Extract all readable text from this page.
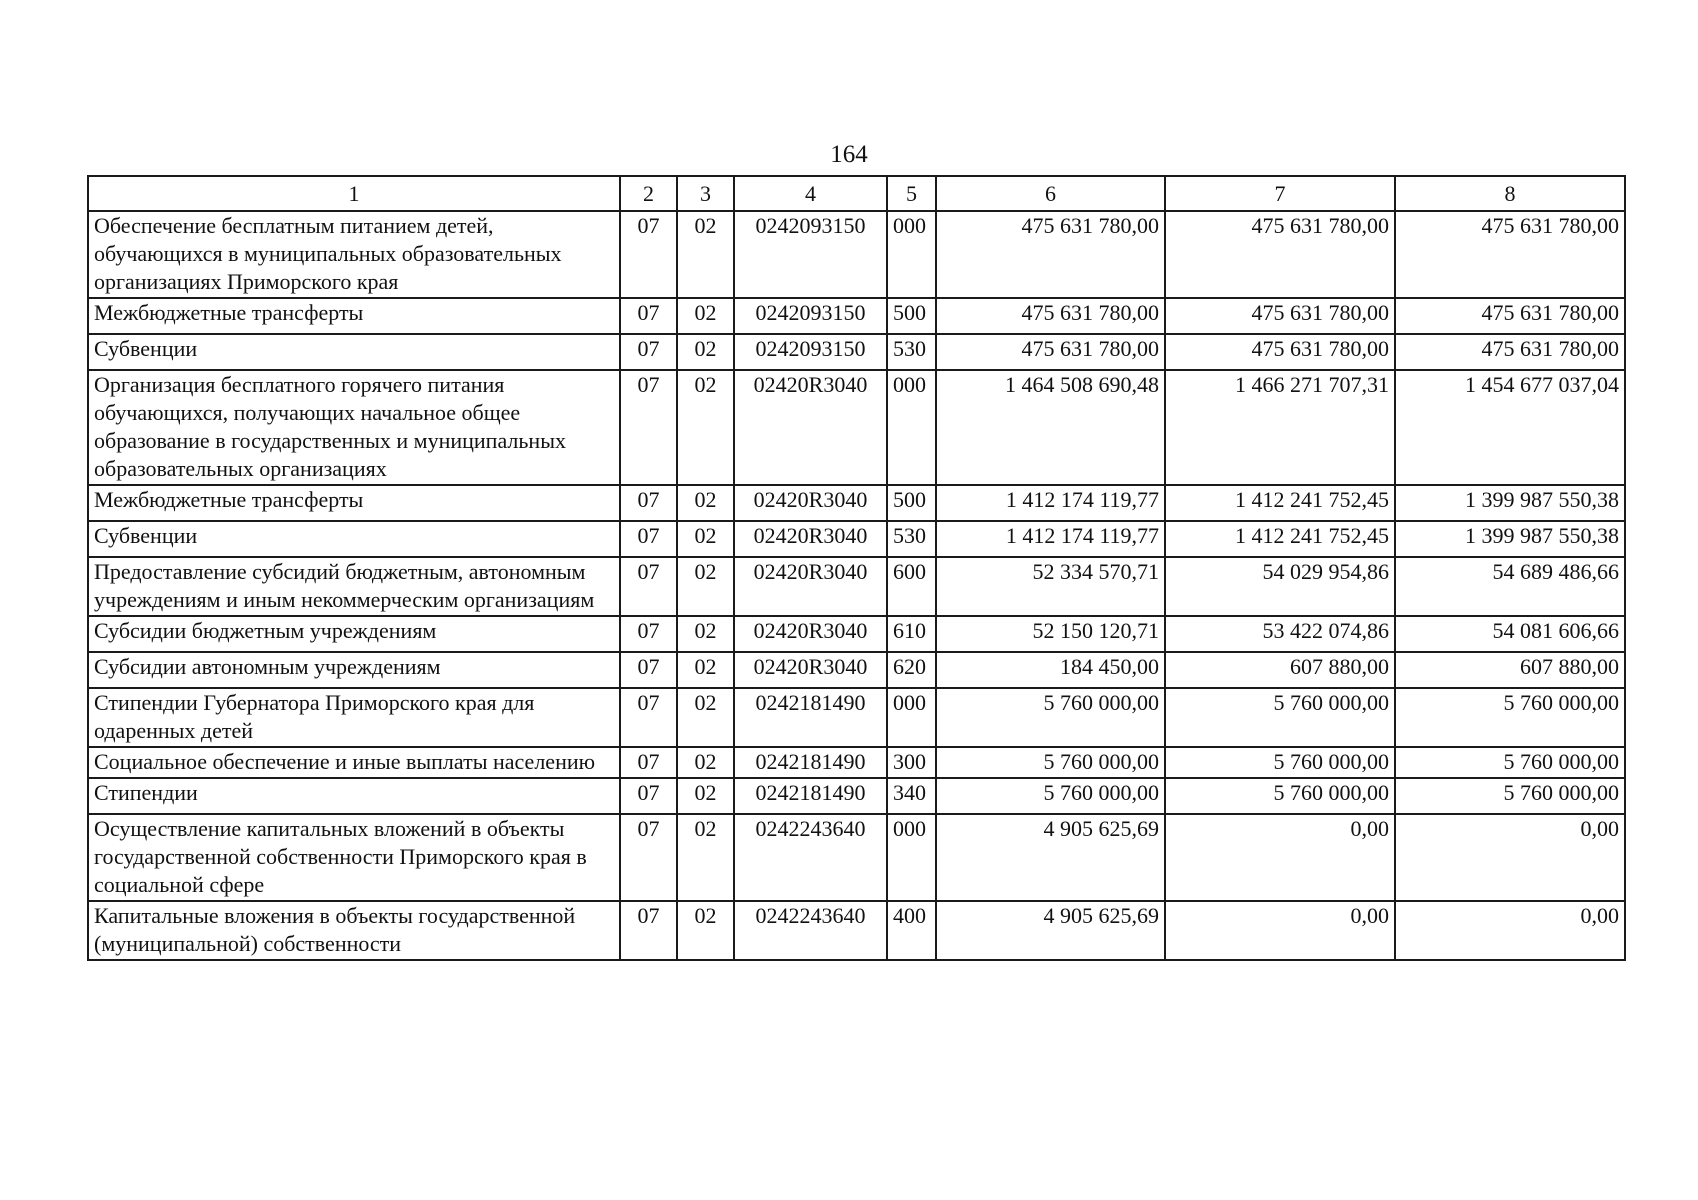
164
1	2	3	4	5	6	7	8
Обеспечение бесплатным питанием детей, обучающихся в муниципальных образовательных организациях Приморского края	07	02	0242093150	000	475 631 780,00	475 631 780,00	475 631 780,00
Межбюджетные трансферты	07	02	0242093150	500	475 631 780,00	475 631 780,00	475 631 780,00
Субвенции	07	02	0242093150	530	475 631 780,00	475 631 780,00	475 631 780,00
Организация бесплатного горячего питания обучающихся, получающих начальное общее образование в государственных и муниципальных образовательных организациях	07	02	02420R3040	000	1 464 508 690,48	1 466 271 707,31	1 454 677 037,04
Межбюджетные трансферты	07	02	02420R3040	500	1 412 174 119,77	1 412 241 752,45	1 399 987 550,38
Субвенции	07	02	02420R3040	530	1 412 174 119,77	1 412 241 752,45	1 399 987 550,38
Предоставление субсидий бюджетным, автономным учреждениям и иным некоммерческим организациям	07	02	02420R3040	600	52 334 570,71	54 029 954,86	54 689 486,66
Субсидии бюджетным учреждениям	07	02	02420R3040	610	52 150 120,71	53 422 074,86	54 081 606,66
Субсидии автономным учреждениям	07	02	02420R3040	620	184 450,00	607 880,00	607 880,00
Стипендии Губернатора Приморского края для одаренных детей	07	02	0242181490	000	5 760 000,00	5 760 000,00	5 760 000,00
Социальное обеспечение и иные выплаты населению	07	02	0242181490	300	5 760 000,00	5 760 000,00	5 760 000,00
Стипендии	07	02	0242181490	340	5 760 000,00	5 760 000,00	5 760 000,00
Осуществление капитальных вложений в объекты государственной собственности Приморского края в социальной сфере	07	02	0242243640	000	4 905 625,69	0,00	0,00
Капитальные вложения в объекты государственной (муниципальной) собственности	07	02	0242243640	400	4 905 625,69	0,00	0,00
